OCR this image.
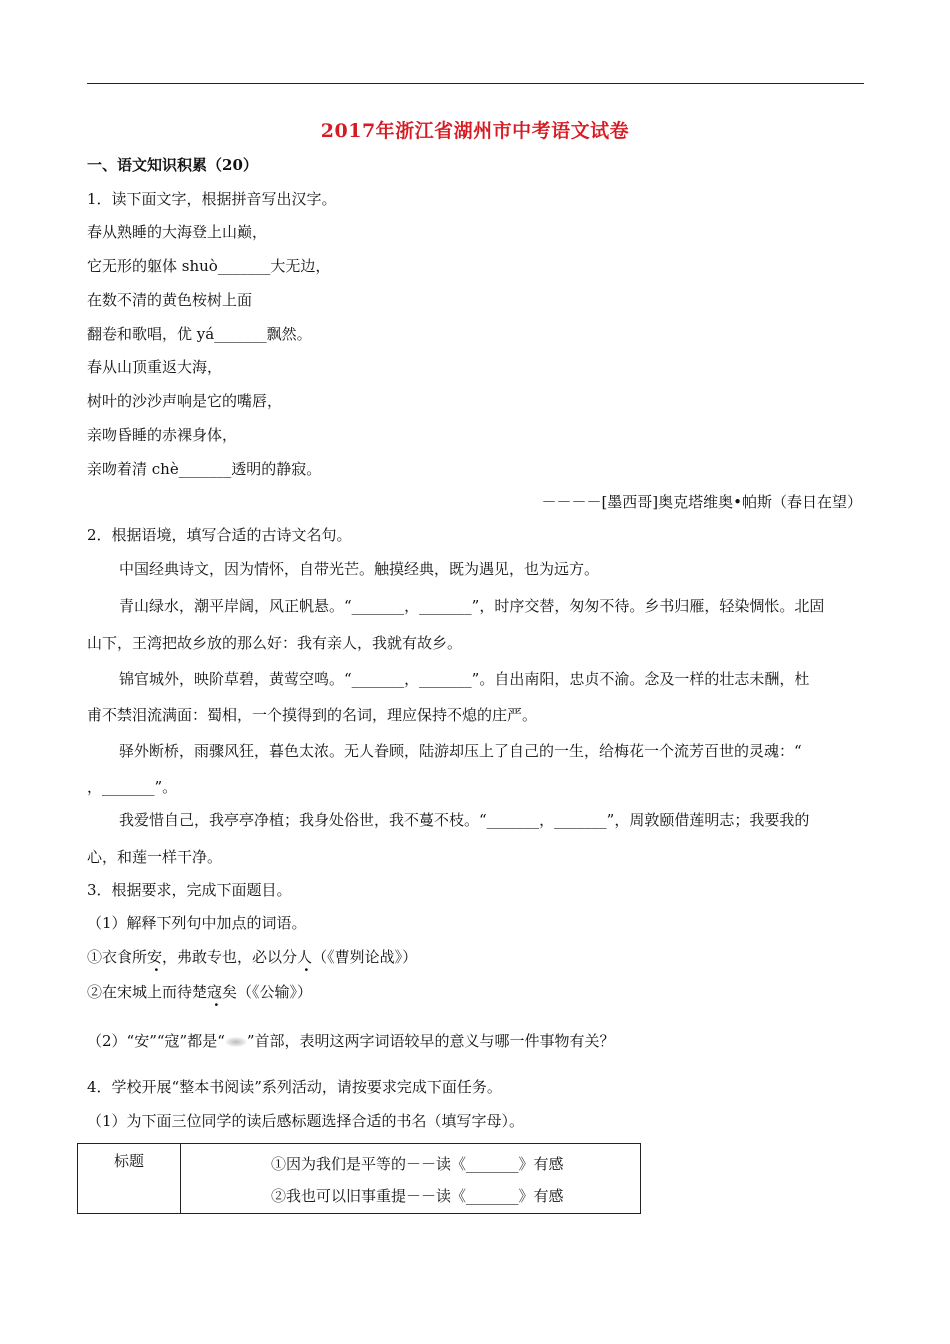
2017年浙江省湖州市中考语文试卷
一、语文知识积累（20）
1．读下面文字，根据拼音写出汉字。
春从熟睡的大海登上山巅，
它无形的躯体 shuò_______大无边，
在数不清的黄色桉树上面
翻卷和歌唱，优 yá_______飘然。
春从山顶重返大海，
树叶的沙沙声响是它的嘴唇，
亲吻昏睡的赤裸身体，
亲吻着清 chè_______透明的静寂。
－－－－[墨西哥]奥克塔维奥•帕斯（春日在望）
2．根据语境，填写合适的古诗文名句。
中国经典诗文，因为情怀，自带光芒。触摸经典，既为遇见，也为远方。
青山绿水，潮平岸阔，风正帆悬。“_______，_______”，时序交替，匆匆不待。乡书归雁，轻染惆怅。北固
山下，王湾把故乡放的那么好：我有亲人，我就有故乡。
锦官城外，映阶草碧，黄莺空鸣。“_______，_______”。自出南阳，忠贞不渝。念及一样的壮志未酬，杜
甫不禁泪流满面：蜀相，一个摸得到的名词，理应保持不熄的庄严。
驿外断桥，雨骤风狂，暮色太浓。无人眷顾，陆游却压上了自己的一生，给梅花一个流芳百世的灵魂：“
，_______”。
我爱惜自己，我亭亭净植；我身处俗世，我不蔓不枝。“_______，_______”，周敦颐借莲明志；我要我的
心，和莲一样干净。
3．根据要求，完成下面题目。
（1）解释下列句中加点的词语。
①衣食所安，弗敢专也，必以分人（《曹刿论战》）
②在宋城上而待楚寇矣（《公输》）
（2）“安”“寇”都是“ ”首部，表明这两字词语较早的意义与哪一件事物有关？
4．学校开展“整本书阅读”系列活动，请按要求完成下面任务。
（1）为下面三位同学的读后感标题选择合适的书名（填写字母）。
标题	①因为我们是平等的－－读《_______》有感
②我也可以旧事重提－－读《_______》有感
